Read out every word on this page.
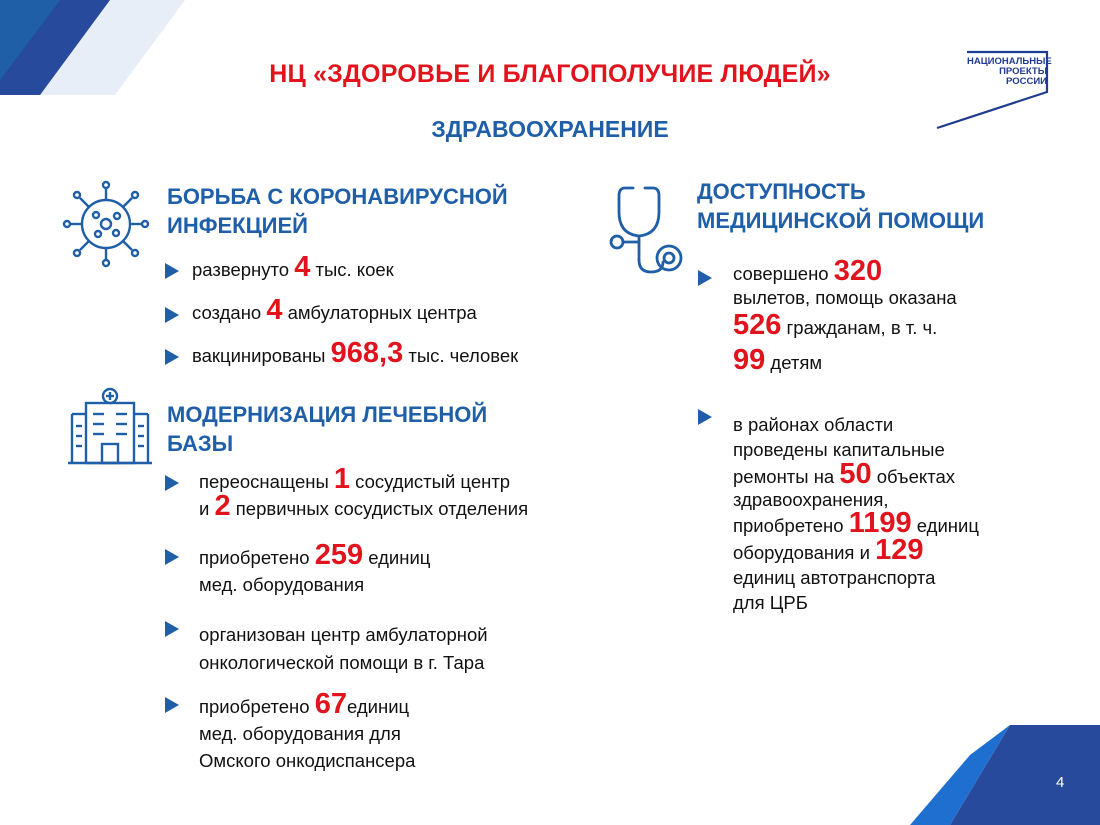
НЦ «ЗДОРОВЬЕ И БЛАГОПОЛУЧИЕ ЛЮДЕЙ»
ЗДРАВООХРАНЕНИЕ
НАЦИОНАЛЬНЫЕ
ПРОЕКТЫ
РОССИИ
БОРЬБА С КОРОНАВИРУСНОЙ
ИНФЕКЦИЕЙ
развернуто 4 тыс. коек
создано 4 амбулаторных центра
вакцинированы 968,3 тыс. человек
МОДЕРНИЗАЦИЯ ЛЕЧЕБНОЙ
БАЗЫ
переоснащены 1 сосудистый центр
и 2 первичных сосудистых отделения
приобретено 259 единиц
мед. оборудования
организован центр амбулаторной
онкологической помощи в г. Тара
приобретено 67единиц
мед. оборудования для
Омского онкодиспансера
ДОСТУПНОСТЬ
МЕДИЦИНСКОЙ ПОМОЩИ
совершено 320
вылетов, помощь оказана
526 гражданам, в т. ч.
99 детям
в районах области
проведены капитальные
ремонты на 50 объектах
здравоохранения,
приобретено 1199 единиц
оборудования и 129
единиц автотранспорта
для ЦРБ
4
